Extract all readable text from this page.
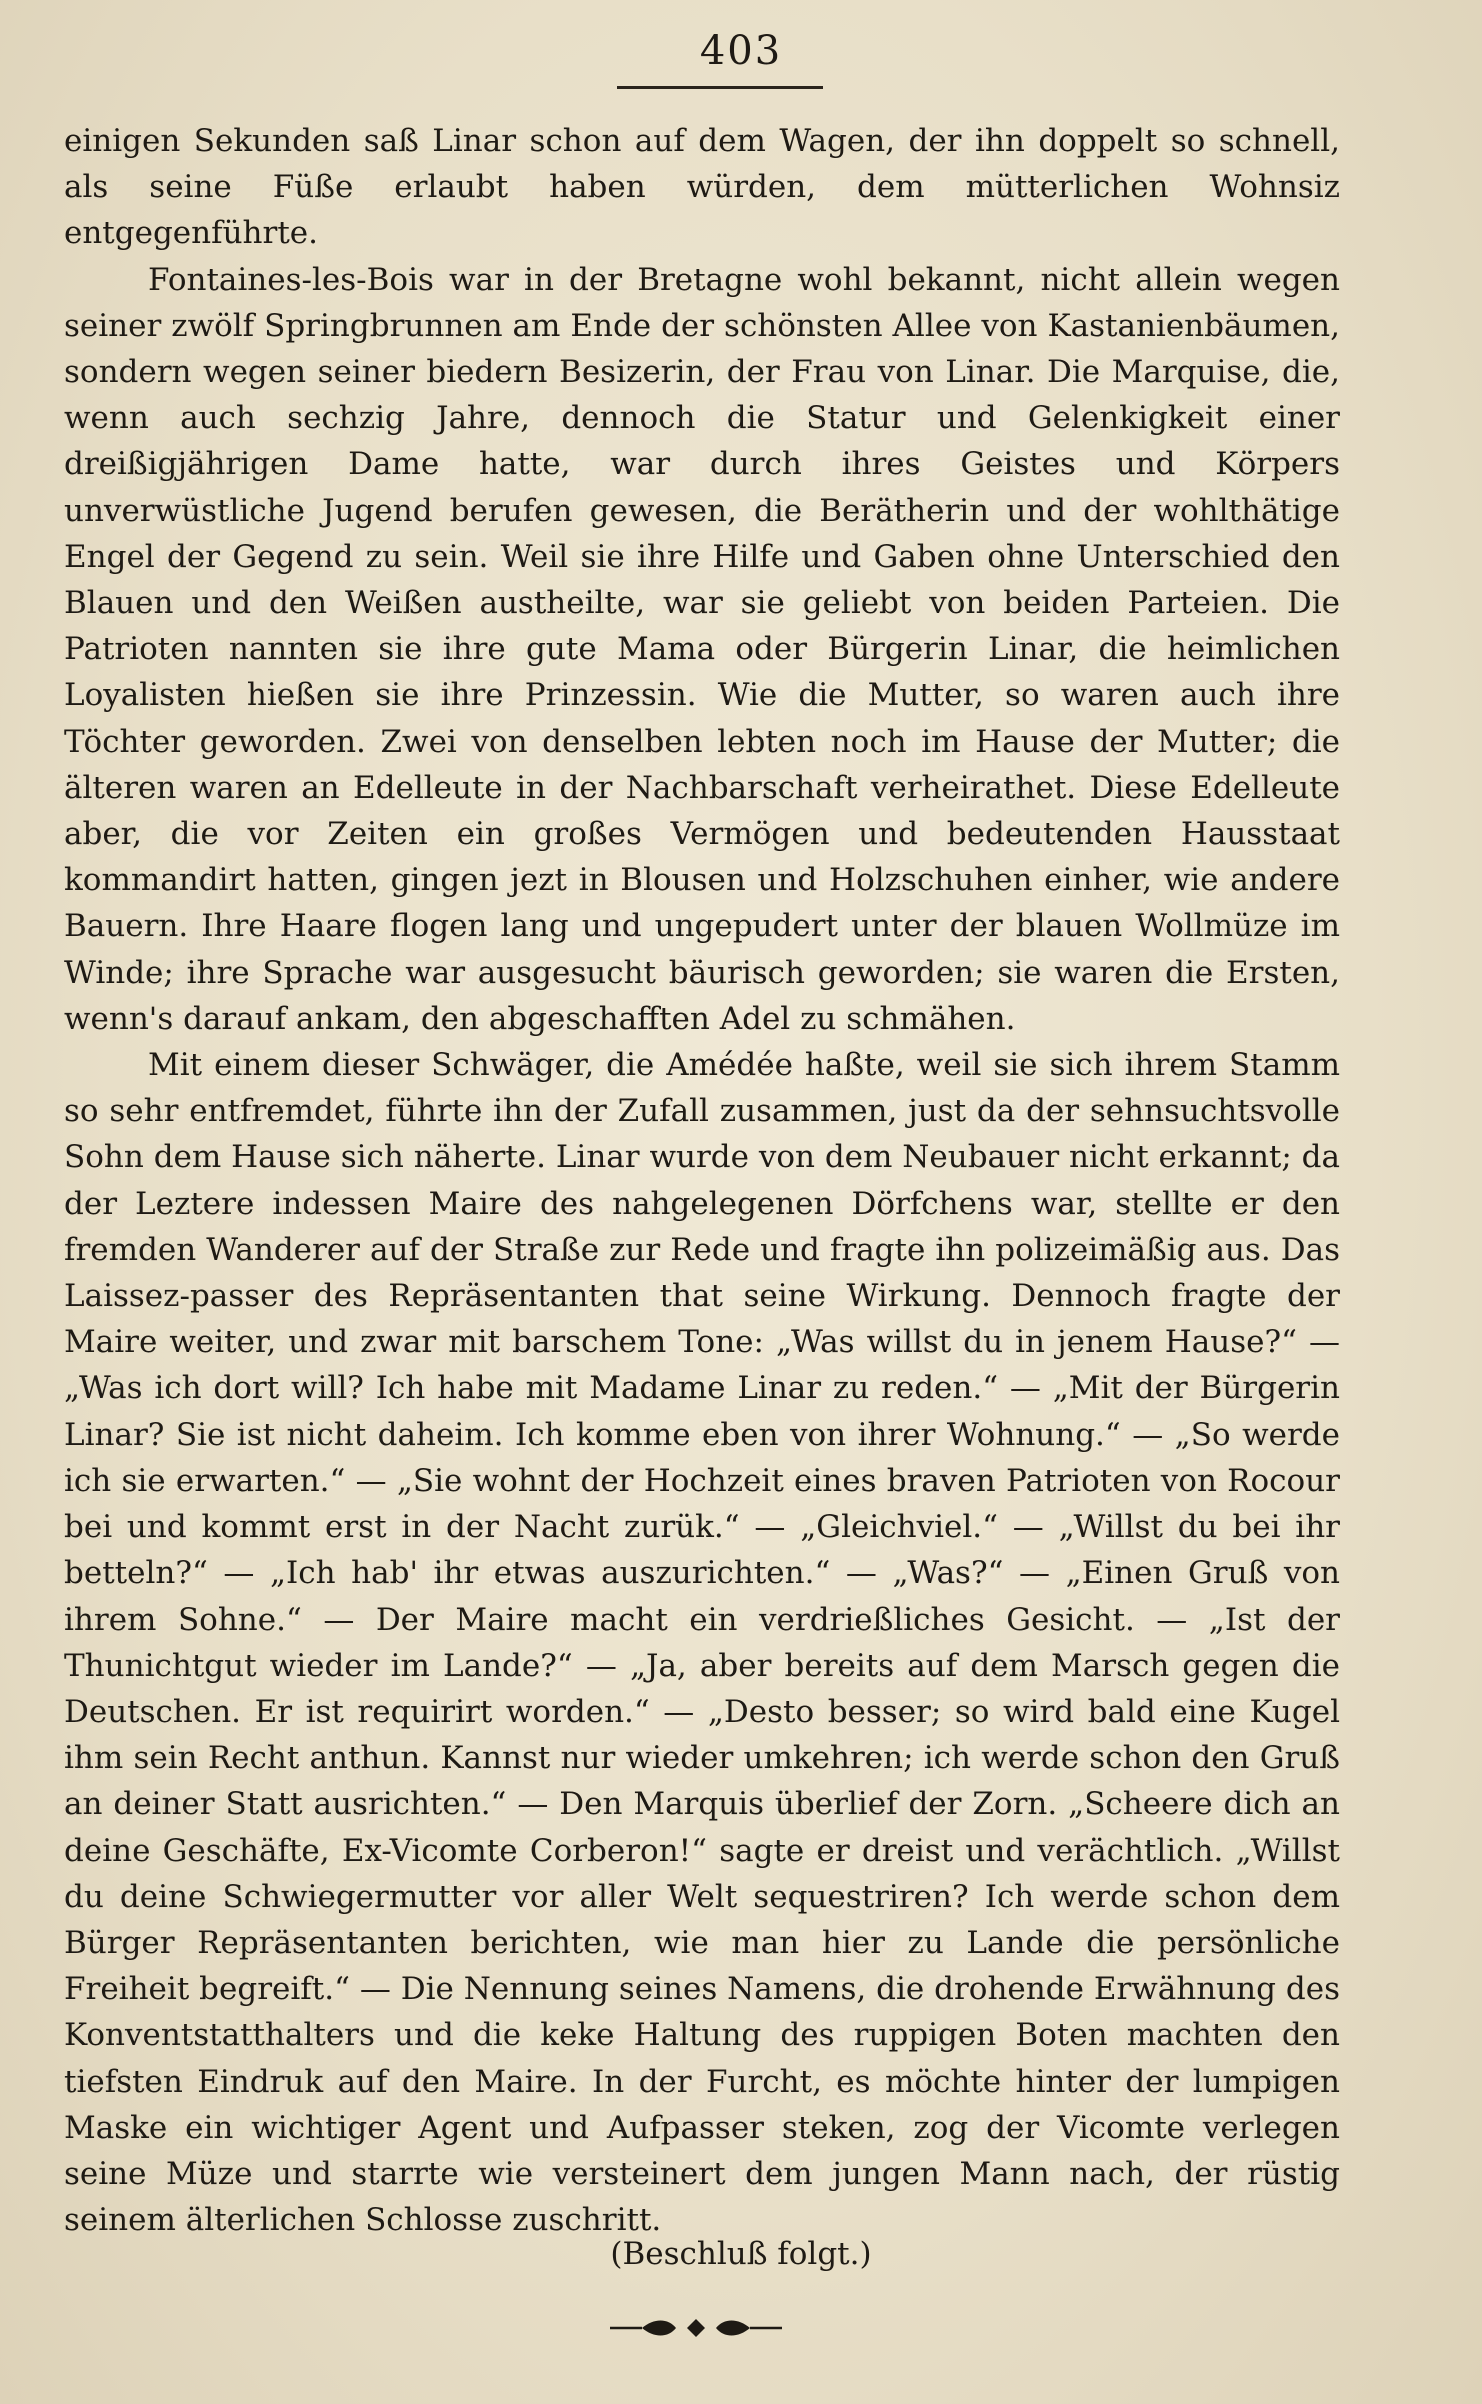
403

einigen Sekunden saß Linar schon auf dem Wagen, der ihn doppelt so schnell, als seine Füße erlaubt haben würden, dem mütterlichen Wohnsiz entgegenführte.

Fontaines-les-Bois war in der Bretagne wohl bekannt, nicht allein wegen seiner zwölf Springbrunnen am Ende der schönsten Allee von Kastanienbäumen, sondern wegen seiner biedern Besizerin, der Frau von Linar. Die Marquise, die, wenn auch sechzig Jahre, dennoch die Statur und Gelenkigkeit einer dreißigjährigen Dame hatte, war durch ihres Geistes und Körpers unverwüstliche Jugend berufen gewesen, die Berätherin und der wohlthätige Engel der Gegend zu sein. Weil sie ihre Hilfe und Gaben ohne Unterschied den Blauen und den Weißen austheilte, war sie geliebt von beiden Parteien. Die Patrioten nannten sie ihre gute Mama oder Bürgerin Linar, die heimlichen Loyalisten hießen sie ihre Prinzessin. Wie die Mutter, so waren auch ihre Töchter geworden. Zwei von denselben lebten noch im Hause der Mutter; die älteren waren an Edelleute in der Nachbarschaft verheirathet. Diese Edelleute aber, die vor Zeiten ein großes Vermögen und bedeutenden Hausstaat kommandirt hatten, gingen jezt in Blousen und Holzschuhen einher, wie andere Bauern. Ihre Haare flogen lang und ungepudert unter der blauen Wollmüze im Winde; ihre Sprache war ausgesucht bäurisch geworden; sie waren die Ersten, wenn's darauf ankam, den abgeschafften Adel zu schmähen.

Mit einem dieser Schwäger, die Amédée haßte, weil sie sich ihrem Stamm so sehr entfremdet, führte ihn der Zufall zusammen, just da der sehnsuchtsvolle Sohn dem Hause sich näherte. Linar wurde von dem Neubauer nicht erkannt; da der Leztere indessen Maire des nahgelegenen Dörfchens war, stellte er den fremden Wanderer auf der Straße zur Rede und fragte ihn polizeimäßig aus. Das Laissez-passer des Repräsentanten that seine Wirkung. Dennoch fragte der Maire weiter, und zwar mit barschem Tone: „Was willst du in jenem Hause?“ — „Was ich dort will? Ich habe mit Madame Linar zu reden.“ — „Mit der Bürgerin Linar? Sie ist nicht daheim. Ich komme eben von ihrer Wohnung.“ — „So werde ich sie erwarten.“ — „Sie wohnt der Hochzeit eines braven Patrioten von Rocour bei und kommt erst in der Nacht zurük.“ — „Gleichviel.“ — „Willst du bei ihr betteln?“ — „Ich hab' ihr etwas auszurichten.“ — „Was?“ — „Einen Gruß von ihrem Sohne.“ — Der Maire macht ein verdrießliches Gesicht. — „Ist der Thunichtgut wieder im Lande?“ — „Ja, aber bereits auf dem Marsch gegen die Deutschen. Er ist requirirt worden.“ — „Desto besser; so wird bald eine Kugel ihm sein Recht anthun. Kannst nur wieder umkehren; ich werde schon den Gruß an deiner Statt ausrichten.“ — Den Marquis überlief der Zorn. „Scheere dich an deine Geschäfte, Ex-Vicomte Corberon!“ sagte er dreist und verächtlich. „Willst du deine Schwiegermutter vor aller Welt sequestriren? Ich werde schon dem Bürger Repräsentanten berichten, wie man hier zu Lande die persönliche Freiheit begreift.“ — Die Nennung seines Namens, die drohende Erwähnung des Konventstatthalters und die keke Haltung des ruppigen Boten machten den tiefsten Eindruk auf den Maire. In der Furcht, es möchte hinter der lumpigen Maske ein wichtiger Agent und Aufpasser steken, zog der Vicomte verlegen seine Müze und starrte wie versteinert dem jungen Mann nach, der rüstig seinem älterlichen Schlosse zuschritt.

(Beschluß folgt.)
